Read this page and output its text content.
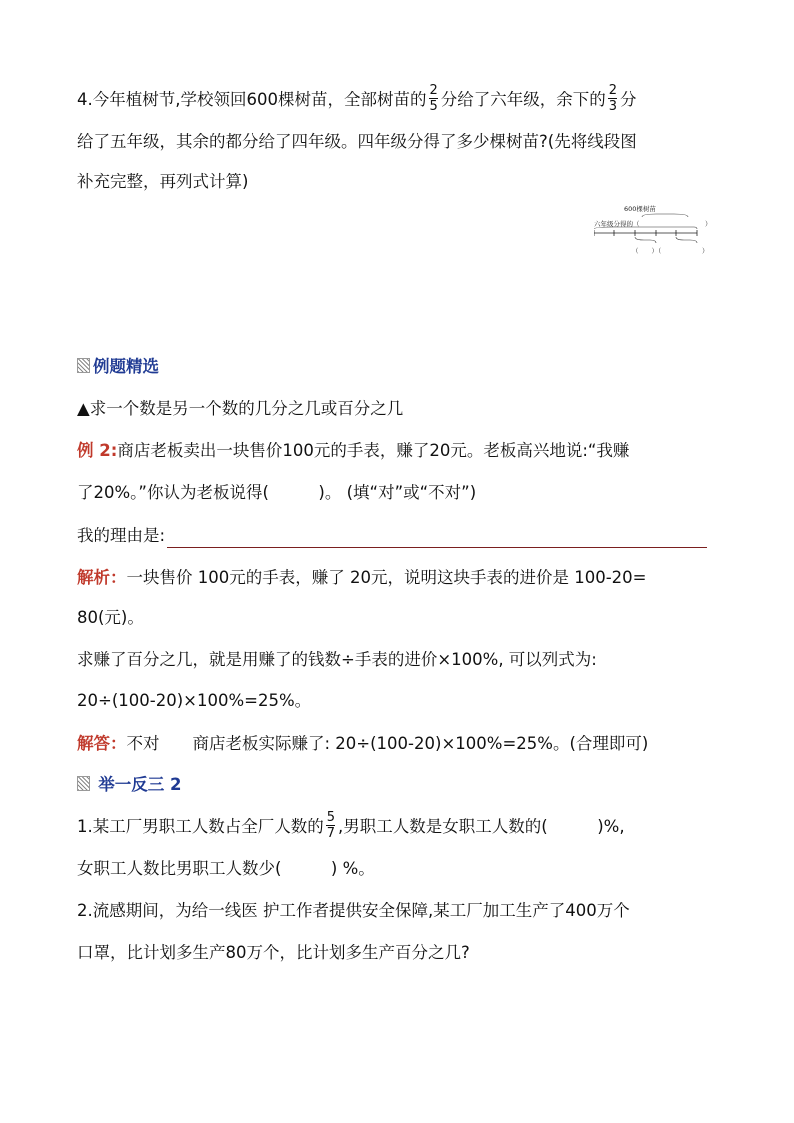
4.今年植树节,学校领回600棵树苗，全部树苗的 $\frac{2}{5}$ 分给了六年级，余下的 $\frac{2}{3}$ 分
给了五年级，其余的都分给了四年级。四年级分得了多少棵树苗?(先将线段图
补充完整，再列式计算)
600棵树苗
六年级分得的（	）
（　　）（	）
例题精选
▲求一个数是另一个数的几分之几或百分之几
例 2:商店老板卖出一块售价100元的手表，赚了20元。老板高兴地说:“我赚
了20%。”你认为老板说得(　　　)。 (填“对”或“不对”)
我的理由是:
解析：一块售价 100元的手表，赚了 20元，说明这块手表的进价是 100-20=
80(元)。
求赚了百分之几，就是用赚了的钱数÷手表的进价×100%, 可以列式为:
20÷(100-20)×100%=25%。
解答：不对　　商店老板实际赚了: 20÷(100-20)×100%=25%。(合理即可)
举一反三 2
1.某工厂男职工人数占全厂人数的 $\frac{5}{7}$ ,男职工人数是女职工人数的(　　　)%,
女职工人数比男职工人数少(　　　) %。
2.流感期间，为给一线医 护工作者提供安全保障,某工厂加工生产了400万个
口罩，比计划多生产80万个，比计划多生产百分之几?
